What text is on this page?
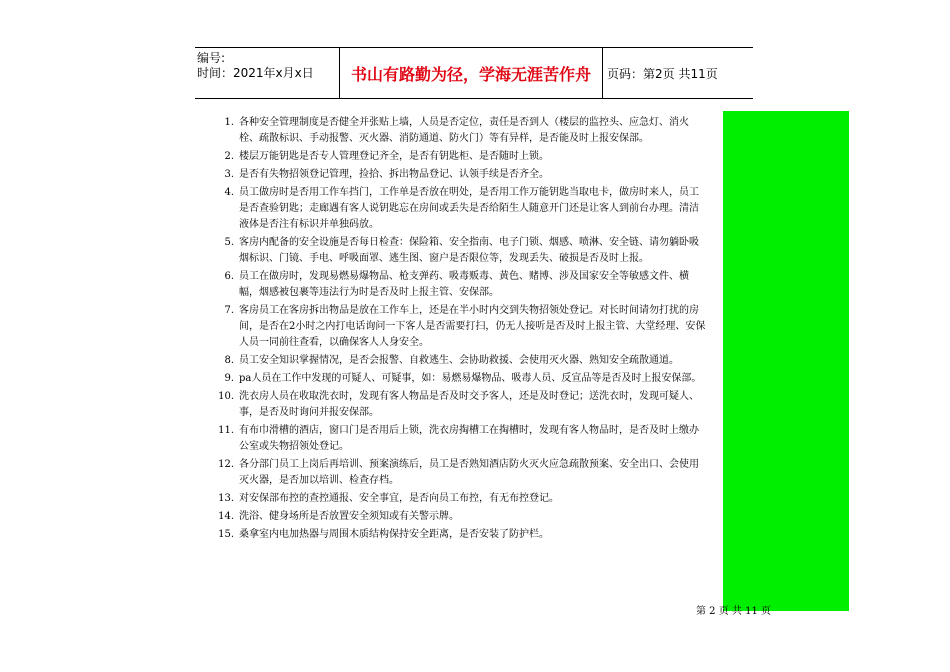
编号:
时间：2021年x月x日	书山有路勤为径，学海无涯苦作舟	页码：第2页 共11页
1. 各种安全管理制度是否健全并张贴上墙，人员是否定位，责任是否到人（楼层的监控头、应急灯、消火栓、疏散标识、手动报警、灭火器、消防通道、防火门）等有异样，是否能及时上报安保部。
2. 楼层万能钥匙是否专人管理登记齐全，是否有钥匙柜、是否随时上锁。
3. 是否有失物招领登记管理，捡拾、拆出物品登记、认领手续是否齐全。
4. 员工做房时是否用工作车挡门，工作单是否放在明处，是否用工作万能钥匙当取电卡，做房时来人，员工是否查验钥匙；走廊遇有客人说钥匙忘在房间或丢失是否给陌生人随意开门还是让客人到前台办理。清洁液体是否注有标识并单独码放。
5. 客房内配备的安全设施是否每日检查：保险箱、安全指南、电子门锁、烟感、喷淋、安全链、请勿躺卧吸烟标识、门镜、手电、呼吸面罩、逃生图、窗户是否限位等，发现丢失、破损是否及时上报。
6. 员工在做房时，发现易燃易爆物品、枪支弹药、吸毒贩毒、黄色、赌博、涉及国家安全等敏感文件、横幅，烟感被包裹等违法行为时是否及时上报主管、安保部。
7. 客房员工在客房拆出物品是放在工作车上，还是在半小时内交到失物招领处登记。对长时间请勿打扰的房间，是否在2小时之内打电话询问一下客人是否需要打扫，仍无人接听是否及时上报主管、大堂经理、安保人员一同前往查看，以确保客人人身安全。
8. 员工安全知识掌握情况，是否会报警、自救逃生、会协助救援、会使用灭火器、熟知安全疏散通道。
9. pa人员在工作中发现的可疑人、可疑事，如：易燃易爆物品、吸毒人员、反宣品等是否及时上报安保部。
10. 洗衣房人员在收取洗衣时，发现有客人物品是否及时交予客人，还是及时登记；送洗衣时，发现可疑人、事，是否及时询问并报安保部。
11. 有布巾滑槽的酒店，窗口门是否用后上锁，洗衣房掏槽工在掏槽时，发现有客人物品时，是否及时上缴办公室或失物招领处登记。
12. 各分部门员工上岗后再培训、预案演练后，员工是否熟知酒店防火灭火应急疏散预案、安全出口、会使用灭火器，是否加以培训、检查存档。
13. 对安保部布控的查控通报、安全事宜，是否向员工布控，有无布控登记。
14. 洗浴、健身场所是否放置安全须知或有关警示牌。
15. 桑拿室内电加热器与周围木质结构保持安全距离，是否安装了防护栏。
第 2 页 共 11 页
